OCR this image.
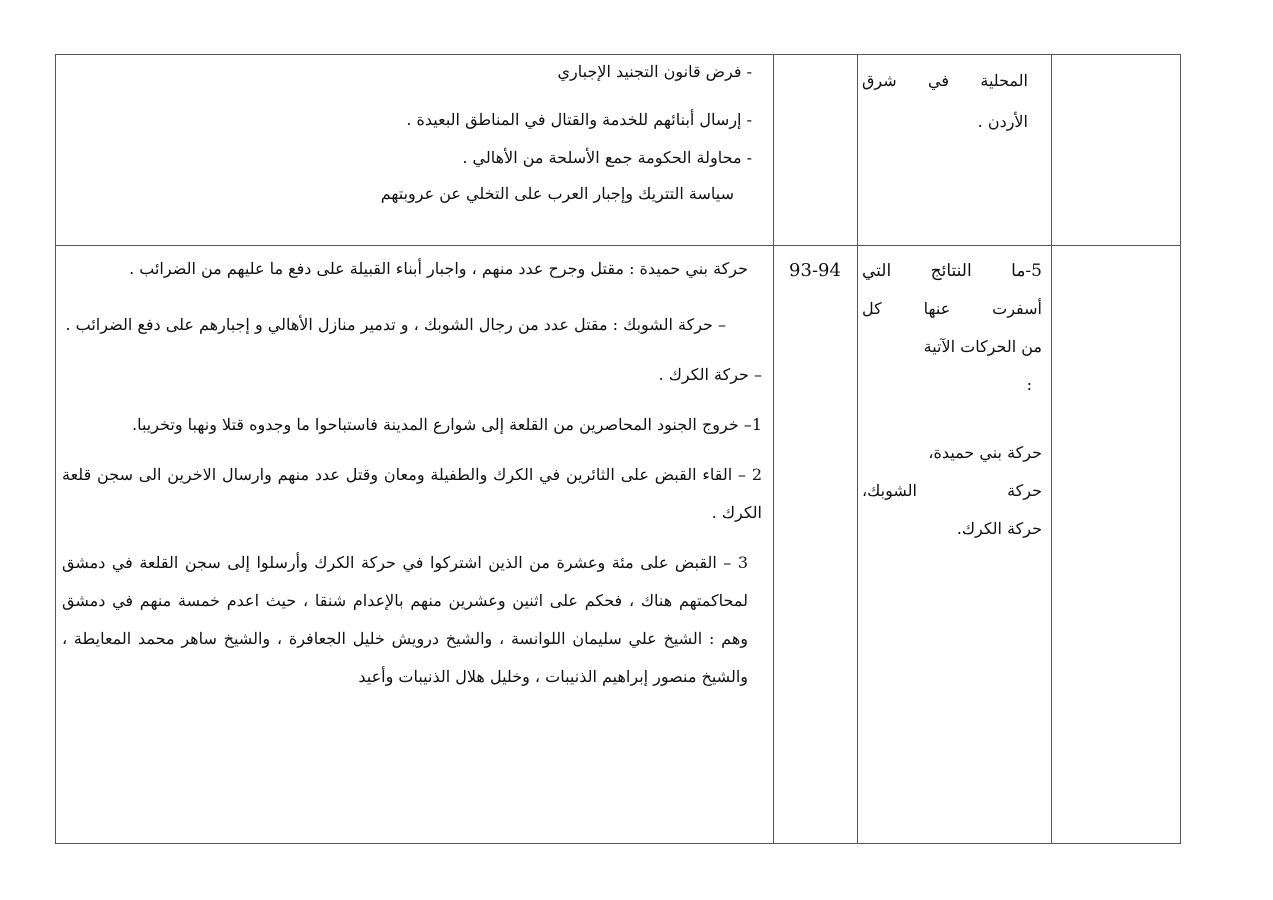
المحلية في شرق

الأردن .

- فرض قانون التجنيد الإجباري

- إرسال أبنائهم للخدمة والقتال في المناطق البعيدة .

- محاولة الحكومة جمع الأسلحة من الأهالي .

سياسة التتريك وإجبار العرب على التخلي عن عروبتهم

5-ما النتائج التي

أسفرت عنها كل

من الحركات الآتية

:

حركة بني حميدة،

حركة الشوبك،

حركة الكرك.

93-94

حركة بني حميدة : مقتل وجرح عدد منهم ، واجبار أبناء القبيلة على دفع ما عليهم من الضرائب .

– حركة الشوبك : مقتل عدد من رجال الشوبك ، و تدمير منازل الأهالي و إجبارهم على دفع الضرائب .

– حركة الكرك .

1– خروج الجنود المحاصرين من القلعة إلى شوارع المدينة فاستباحوا ما وجدوه قتلا ونهبا وتخريبا.

2 – القاء القبض على الثائرين في الكرك والطفيلة ومعان وقتل عدد منهم وارسال الاخرين الى سجن قلعة الكرك .

3 – القبض على مئة وعشرة من الذين اشتركوا في حركة الكرك وأرسلوا إلى سجن القلعة في دمشق لمحاكمتهم هناك ، فحكم على اثنين وعشرين منهم بالإعدام شنقا ، حيث اعدم خمسة منهم في دمشق وهم : الشيخ علي سليمان اللوانسة ، والشيخ درويش خليل الجعافرة ، والشيخ ساهر محمد المعايطة ، والشيخ منصور إبراهيم الذنيبات ، وخليل هلال الذنيبات وأعيد
